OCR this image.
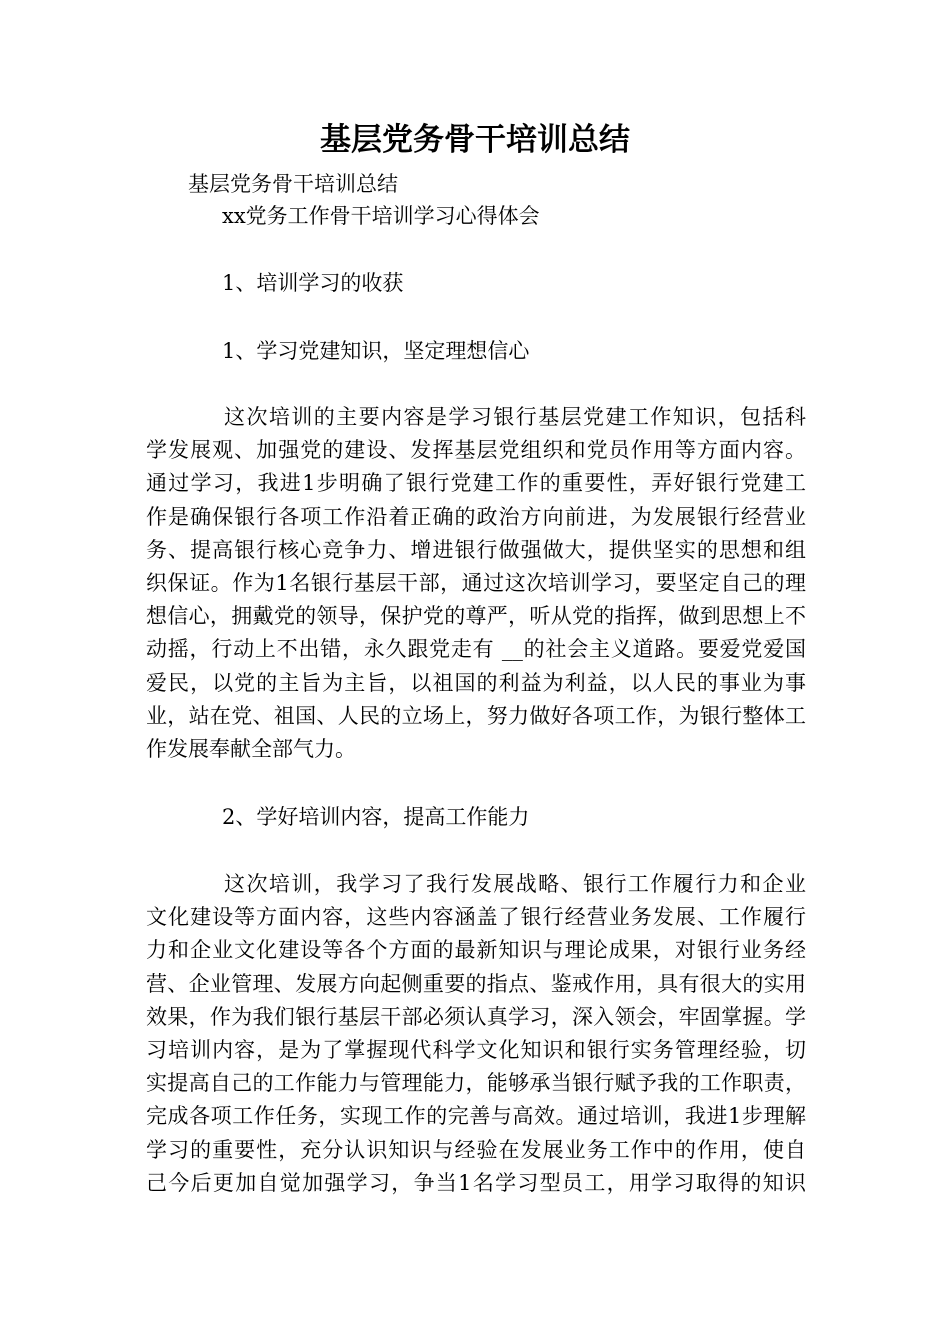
基层党务骨干培训总结
基层党务骨干培训总结
xx党务工作骨干培训学习心得体会
1、培训学习的收获
1、学习党建知识，坚定理想信心
这次培训的主要内容是学习银行基层党建工作知识，包括科
学发展观、加强党的建设、发挥基层党组织和党员作用等方面内容。
通过学习，我进1步明确了银行党建工作的重要性，弄好银行党建工
作是确保银行各项工作沿着正确的政治方向前进，为发展银行经营业
务、提高银行核心竞争力、增进银行做强做大，提供坚实的思想和组
织保证。作为1名银行基层干部，通过这次培训学习，要坚定自己的理
想信心，拥戴党的领导，保护党的尊严，听从党的指挥，做到思想上不
动摇，行动上不出错，永久跟党走有 __的社会主义道路。要爱党爱国
爱民，以党的主旨为主旨，以祖国的利益为利益，以人民的事业为事
业，站在党、祖国、人民的立场上，努力做好各项工作，为银行整体工
作发展奉献全部气力。
2、学好培训内容，提高工作能力
这次培训，我学习了我行发展战略、银行工作履行力和企业
文化建设等方面内容，这些内容涵盖了银行经营业务发展、工作履行
力和企业文化建设等各个方面的最新知识与理论成果，对银行业务经
营、企业管理、发展方向起侧重要的指点、鉴戒作用，具有很大的实用
效果，作为我们银行基层干部必须认真学习，深入领会，牢固掌握。学
习培训内容，是为了掌握现代科学文化知识和银行实务管理经验，切
实提高自己的工作能力与管理能力，能够承当银行赋予我的工作职责，
完成各项工作任务，实现工作的完善与高效。通过培训，我进1步理解
学习的重要性，充分认识知识与经验在发展业务工作中的作用，使自
己今后更加自觉加强学习，争当1名学习型员工，用学习取得的知识
